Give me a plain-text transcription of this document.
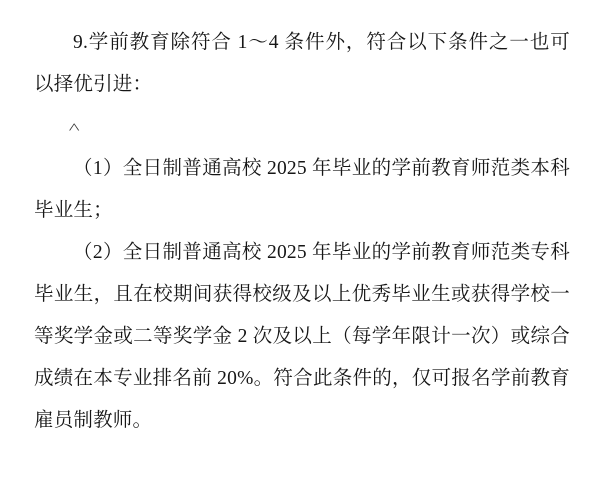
9.学前教育除符合 1～4 条件外，符合以下条件之一也可以择优引进：

˄

（1）全日制普通高校 2025 年毕业的学前教育师范类本科毕业生；

（2）全日制普通高校 2025 年毕业的学前教育师范类专科毕业生，且在校期间获得校级及以上优秀毕业生或获得学校一等奖学金或二等奖学金 2 次及以上（每学年限计一次）或综合成绩在本专业排名前 20%。符合此条件的，仅可报名学前教育雇员制教师。
